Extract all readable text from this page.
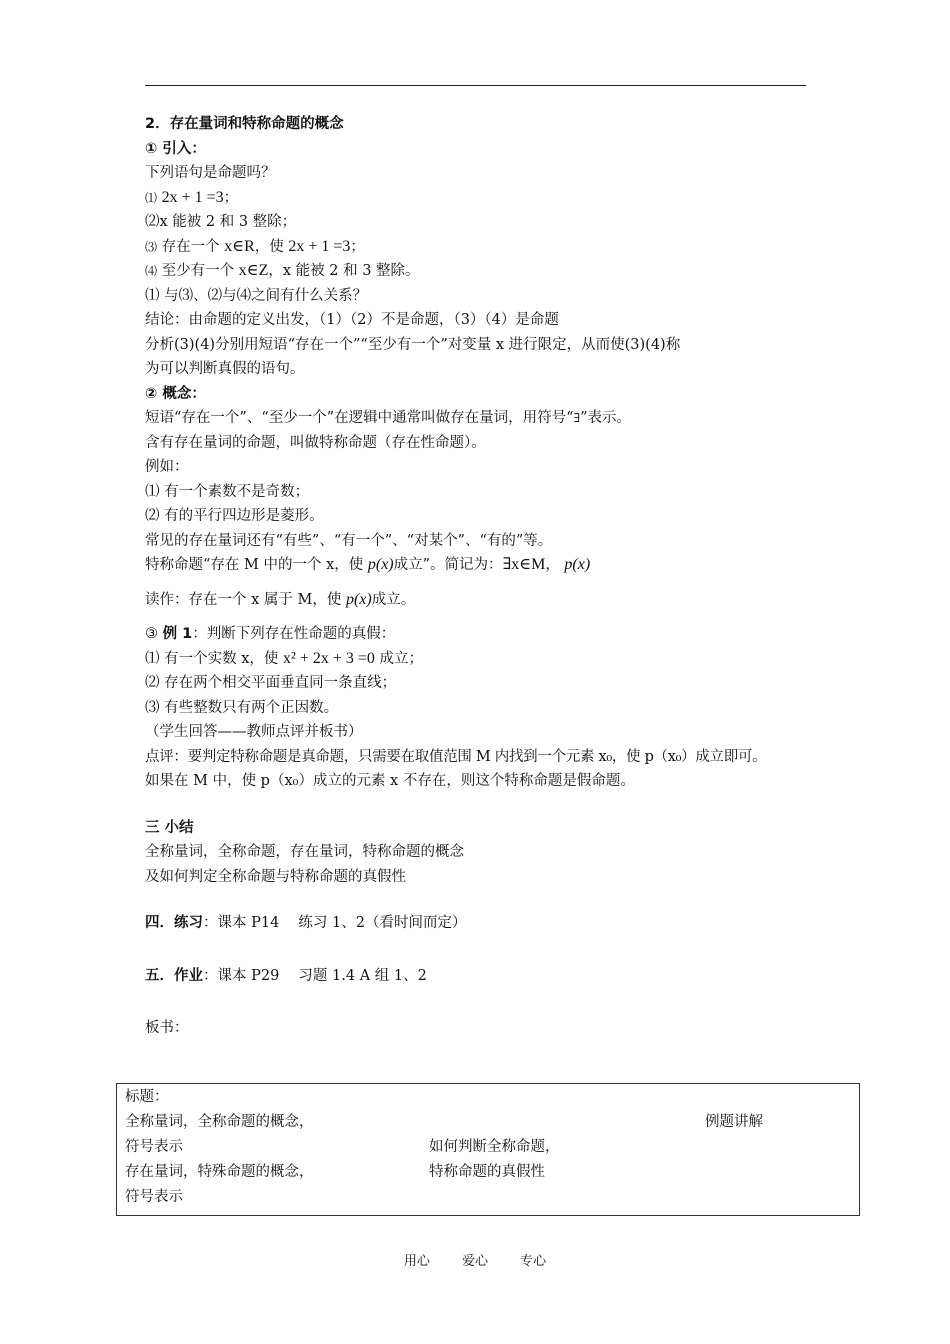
2．存在量词和特称命题的概念
① 引入：
下列语句是命题吗？
⑴ 2x + 1 =3；
⑵x 能被 2 和 3 整除；
⑶ 存在一个 x∈R，使 2x + 1 =3；
⑷ 至少有一个 x∈Z，x 能被 2 和 3 整除。
⑴ 与⑶、⑵与⑷之间有什么关系？
结论：由命题的定义出发，（1）（2）不是命题，（3）（4）是命题
分析(3)(4)分别用短语“存在一个”“至少有一个”对变量 x 进行限定，从而使(3)(4)称
为可以判断真假的语句。
② 概念：
短语“存在一个”、“至少一个”在逻辑中通常叫做存在量词，用符号“∃”表示。
含有存在量词的命题，叫做特称命题（存在性命题）。
例如：
⑴ 有一个素数不是奇数；
⑵ 有的平行四边形是菱形。
常见的存在量词还有“有些”、“有一个”、“对某个”、“有的”等。
特称命题“存在 M 中的一个 x，使 p(x)成立”。简记为：∃x∈M， p(x)
读作：存在一个 x 属于 M，使 p(x)成立。
③ 例 1：判断下列存在性命题的真假：
⑴ 有一个实数 x，使 x² + 2x + 3 =0 成立；
⑵ 存在两个相交平面垂直同一条直线；
⑶ 有些整数只有两个正因数。
（学生回答——教师点评并板书）
点评：要判定特称命题是真命题，只需要在取值范围 M 内找到一个元素 x₀，使 p（x₀）成立即可。
如果在 M 中，使 p（x₀）成立的元素 x 不存在，则这个特称命题是假命题。
三 小结
全称量词，全称命题，存在量词，特称命题的概念
及如何判定全称命题与特称命题的真假性
四．练习：课本 P14　 练习 1、2（看时间而定）
五．作业：课本 P29　 习题 1.4 A 组 1、2
板书：
标题：
全称量词，全称命题的概念，	例题讲解
符号表示	如何判断全称命题，
存在量词，特殊命题的概念，	特称命题的真假性
符号表示
用心 爱心 专心
